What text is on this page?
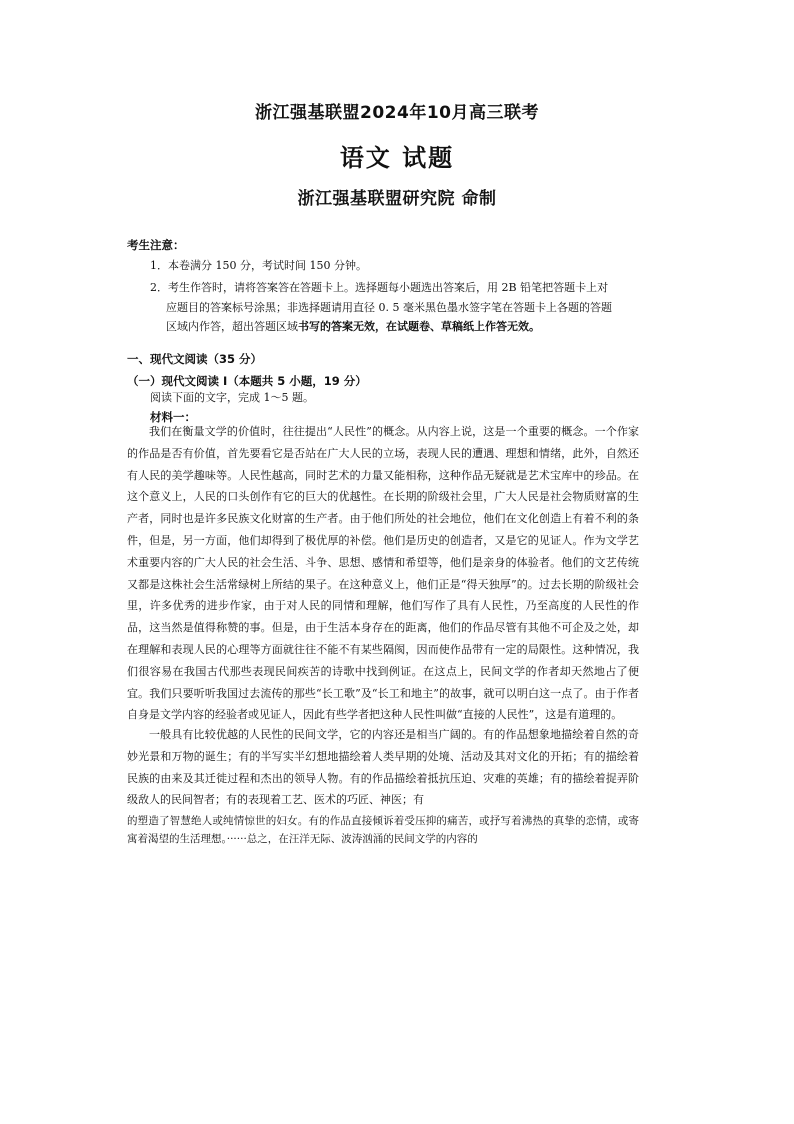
浙江强基联盟2024年10月高三联考
语文 试题
浙江强基联盟研究院 命制
考生注意：
1．本卷满分 150 分，考试时间 150 分钟。
2．考生作答时，请将答案答在答题卡上。选择题每小题选出答案后，用 2B 铅笔把答题卡上对
应题目的答案标号涂黑；非选择题请用直径 0. 5 毫米黑色墨水签字笔在答题卡上各题的答题
区域内作答，超出答题区域书写的答案无效，在试题卷、草稿纸上作答无效。
一、现代文阅读（35 分）
（一）现代文阅读 I（本题共 5 小题，19 分）
阅读下面的文字，完成 1～5 题。
材料一：

我们在衡量文学的价值时，往往提出“人民性”的概念。从内容上说，这是一个重要的概念。一个作家的作品是否有价值，首先要看它是否站在广大人民的立场，表现人民的遭遇、理想和情绪，此外，自然还有人民的美学趣味等。人民性越高，同时艺术的力量又能相称，这种作品无疑就是艺术宝库中的珍品。在这个意义上，人民的口头创作有它的巨大的优越性。在长期的阶级社会里，广大人民是社会物质财富的生产者，同时也是许多民族文化财富的生产者。由于他们所处的社会地位，他们在文化创造上有着不利的条件，但是，另一方面，他们却得到了极优厚的补偿。他们是历史的创造者，又是它的见证人。作为文学艺术重要内容的广大人民的社会生活、斗争、思想、感情和希望等，他们是亲身的体验者。他们的文艺传统又都是这株社会生活常绿树上所结的果子。在这种意义上，他们正是“得天独厚”的。过去长期的阶级社会里，许多优秀的进步作家，由于对人民的同情和理解，他们写作了具有人民性，乃至高度的人民性的作品，这当然是值得称赞的事。但是，由于生活本身存在的距离，他们的作品尽管有其他不可企及之处，却在理解和表现人民的心理等方面就往往不能不有某些隔阂，因而使作品带有一定的局限性。这种情况，我们很容易在我国古代那些表现民间疾苦的诗歌中找到例证。在这点上，民间文学的作者却天然地占了便宜。我们只要听听我国过去流传的那些“长工歌”及“长工和地主”的故事，就可以明白这一点了。由于作者自身是文学内容的经验者或见证人，因此有些学者把这种人民性叫做“直接的人民性”，这是有道理的。

一般具有比较优越的人民性的民间文学，它的内容还是相当广阔的。有的作品想象地描绘着自然的奇妙光景和万物的诞生；有的半写实半幻想地描绘着人类早期的处境、活动及其对文化的开拓；有的描绘着民族的由来及其迁徙过程和杰出的领导人物。有的作品描绘着抵抗压迫、灾难的英雄；有的描绘着捉弄阶级敌人的民间智者；有的表现着工艺、医术的巧匠、神医；有

的塑造了智慧绝人或纯情惊世的妇女。有的作品直接倾诉着受压抑的痛苦，或抒写着沸热的真挚的恋情，或寄寓着渴望的生活理想。······总之，在汪洋无际、波涛汹涌的民间文学的内容的
